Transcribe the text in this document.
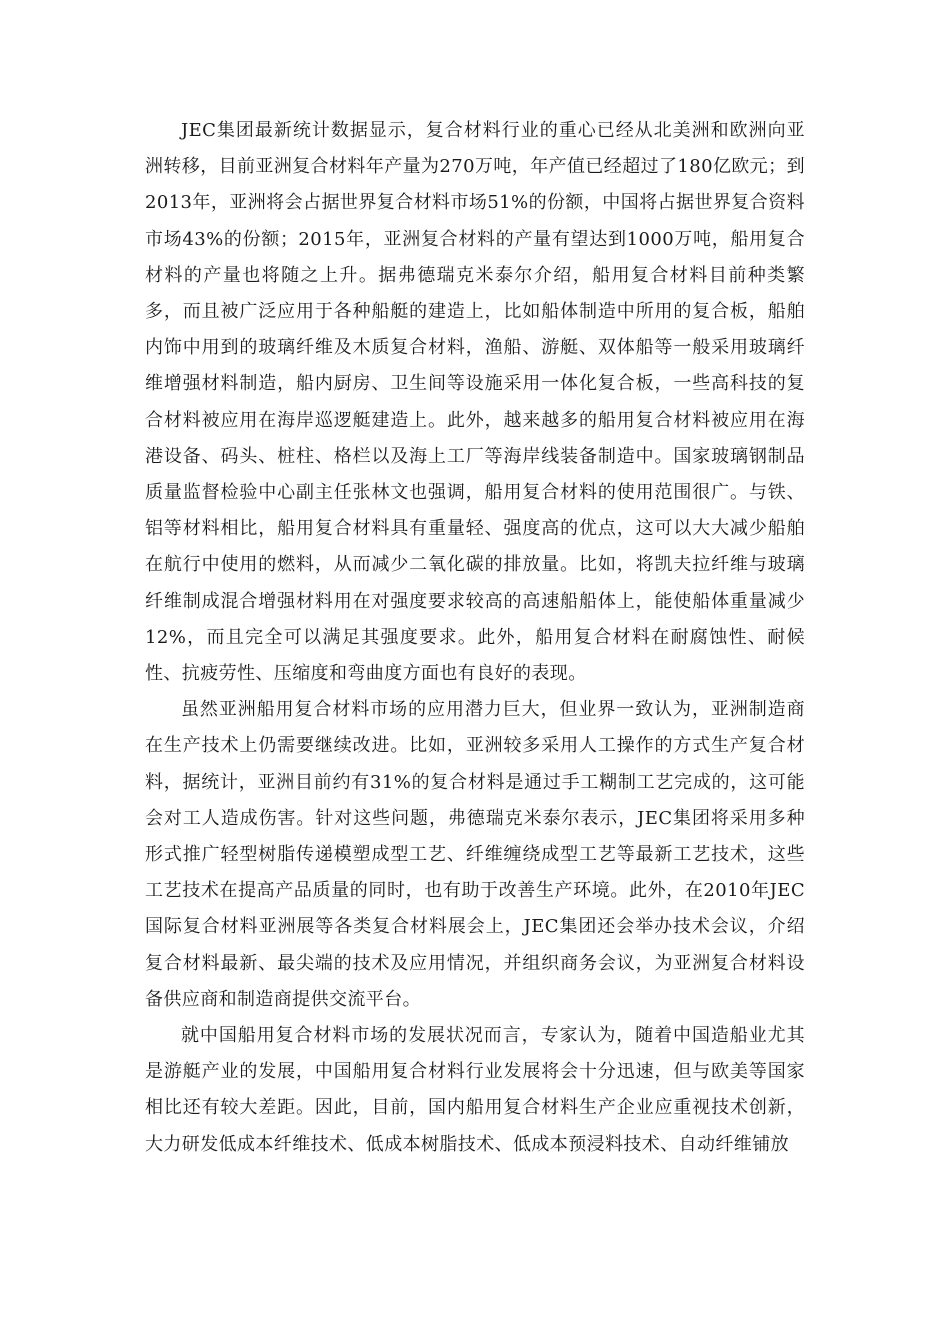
JEC集团最新统计数据显示，复合材料行业的重心已经从北美洲和欧洲向亚洲转移，目前亚洲复合材料年产量为270万吨，年产值已经超过了180亿欧元；到2013年，亚洲将会占据世界复合材料市场51%的份额，中国将占据世界复合资料市场43%的份额；2015年，亚洲复合材料的产量有望达到1000万吨，船用复合材料的产量也将随之上升。据弗德瑞克米泰尔介绍，船用复合材料目前种类繁多，而且被广泛应用于各种船艇的建造上，比如船体制造中所用的复合板，船舶内饰中用到的玻璃纤维及木质复合材料，渔船、游艇、双体船等一般采用玻璃纤维增强材料制造，船内厨房、卫生间等设施采用一体化复合板，一些高科技的复合材料被应用在海岸巡逻艇建造上。此外，越来越多的船用复合材料被应用在海港设备、码头、桩柱、格栏以及海上工厂等海岸线装备制造中。国家玻璃钢制品质量监督检验中心副主任张林文也强调，船用复合材料的使用范围很广。与铁、铝等材料相比，船用复合材料具有重量轻、强度高的优点，这可以大大减少船舶在航行中使用的燃料，从而减少二氧化碳的排放量。比如，将凯夫拉纤维与玻璃纤维制成混合增强材料用在对强度要求较高的高速船船体上，能使船体重量减少12%，而且完全可以满足其强度要求。此外，船用复合材料在耐腐蚀性、耐候性、抗疲劳性、压缩度和弯曲度方面也有良好的表现。

虽然亚洲船用复合材料市场的应用潜力巨大，但业界一致认为，亚洲制造商在生产技术上仍需要继续改进。比如，亚洲较多采用人工操作的方式生产复合材料，据统计，亚洲目前约有31%的复合材料是通过手工糊制工艺完成的，这可能会对工人造成伤害。针对这些问题，弗德瑞克米泰尔表示，JEC集团将采用多种形式推广轻型树脂传递模塑成型工艺、纤维缠绕成型工艺等最新工艺技术，这些工艺技术在提高产品质量的同时，也有助于改善生产环境。此外，在2010年JEC国际复合材料亚洲展等各类复合材料展会上，JEC集团还会举办技术会议，介绍复合材料最新、最尖端的技术及应用情况，并组织商务会议，为亚洲复合材料设备供应商和制造商提供交流平台。

就中国船用复合材料市场的发展状况而言，专家认为，随着中国造船业尤其是游艇产业的发展，中国船用复合材料行业发展将会十分迅速，但与欧美等国家相比还有较大差距。因此，目前，国内船用复合材料生产企业应重视技术创新，大力研发低成本纤维技术、低成本树脂技术、低成本预浸料技术、自动纤维铺放
